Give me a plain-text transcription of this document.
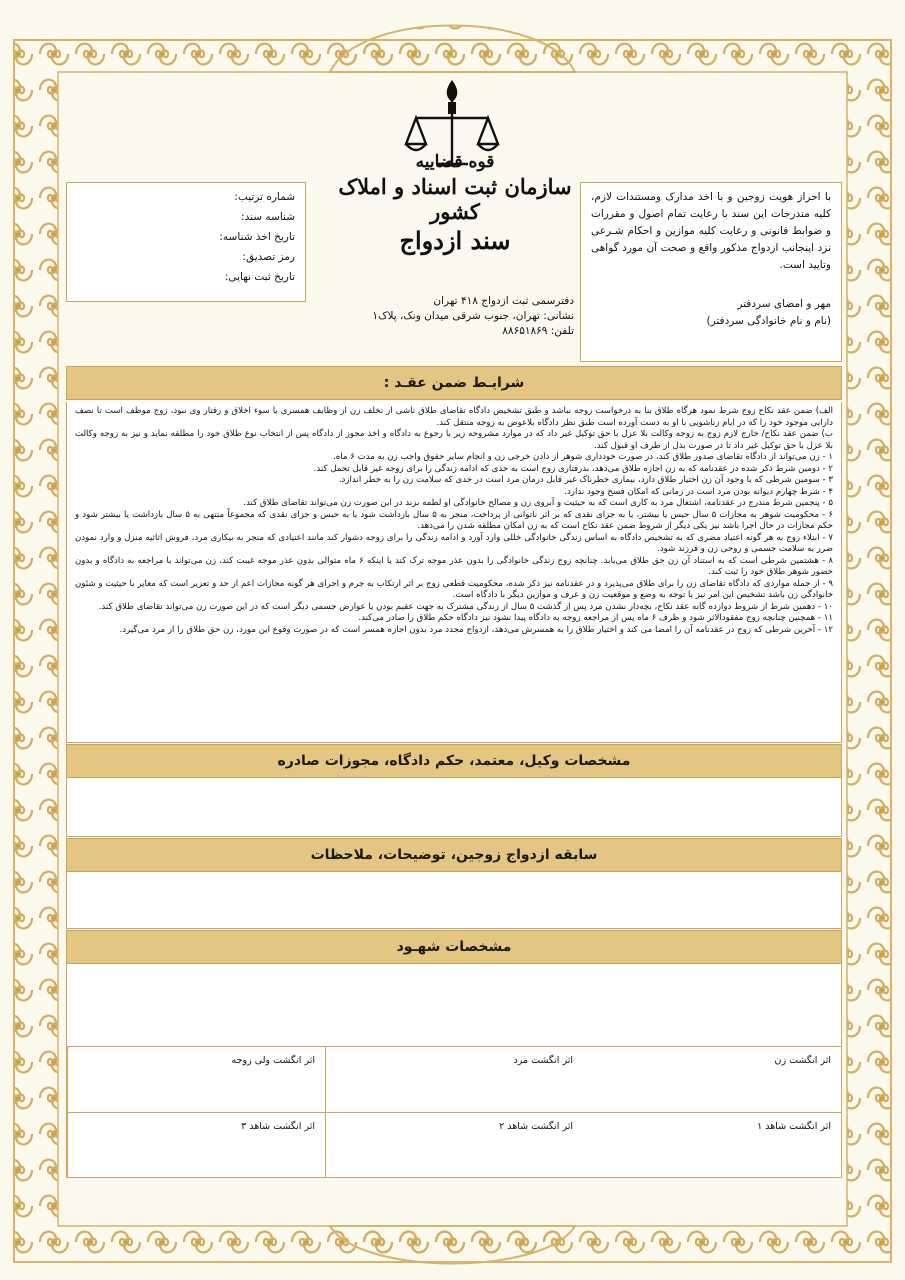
قوه قضاییه
سازمان ثبت اسناد و املاک کشور
سند ازدواج
شماره ترتیب:
شناسه سند:
تاریخ اخذ شناسه:
رمز تصدیق:
تاریخ ثبت نهایی:
با احراز هویت زوجین و با اخذ مدارک ومستندات لازم، کلیه مندرجات این سند با رعایت تمام اصول و مقررات و ضوابط قانونی و رعایت کلیه موازین و احکام شـرعی نزد اینجانب ازدواج مذکور واقع و صحت آن مورد گواهی وتایید است.
مهر و امضای سردفتر
(نام و نام خانوادگی سردفتر)
دفترسمی ثبت ازدواج ۴۱۸ تهران
نشانی: تهران، جنوب شرقی میدان ونک، پلاک۱
تلفن: ۸۸۶۵۱۸۶۹
شرایـط ضمن عقـد :
الف) ضمن عقد نکاح زوج شرط نمود هرگاه طلاق بنا به درخواست زوجه نباشد و طبق تشخیص دادگاه تقاضای طلاق ناشی از تخلف زن از وظایف همسری یا سوء اخلاق و رفتار وی نبود، زوج موظف است تا نصف دارایی موجود خود را که در ایام زناشویی با او به دست آورده است طبق نظر دادگاه بلاعوض به زوجه منتقل کند.
ب) ضمن عقد نکاح/ خارج لازم زوج به زوجه وکالت بلا عزل با حق توکیل غیر داد که در موارد مشروحه زیر با رجوع به دادگاه و اخذ مجوز از دادگاه پس از انتخاب نوع طلاق خود را مطلقه نماید و نیز به زوجه وکالت بلا عزل با حق توکیل غیر داد تا در صورت بذل از طرف او قبول کند.
۱ - زن می‌تواند از دادگاه تقاضای صدور طلاق کند، در صورت خودداری شوهر از دادن خرجی زن و انجام سایر حقوق واجب زن به مدت ۶ ماه.
۲ - دومین شرط ذکر شده در عقدنامه که به زن اجازه طلاق می‌دهد، بدرفتاری زوج است به حدی که ادامه زندگی را برای زوجه غیر قابل تحمل کند.
۳ - سومین شرطی که با وجود آن زن اختیار طلاق دارد، بیماری خطرناک غیر قابل درمان مرد است در حدی که سلامت زن را به خطر اندازد.
۴ - شرط چهارم دیوانه بودن مرد است در زمانی که امکان فسخ وجود ندارد.
۵ - پنجمین شرط مندرج در عقدنامه، اشتغال مرد به کاری است که به حیثیت و آبروی زن و مصالح خانوادگی او لطمه بزند در این صورت زن می‌تواند تقاضای طلاق کند.
۶ - محکومیت شوهر به مجازات ۵ سال حبس یا بیشتر، یا به جزای نقدی که بر اثر ناتوانی از پرداخت، منجر به ۵ سال بازداشت شود یا به حبس و جزای نقدی که مجموعاً منتهی به ۵ سال بازداشت یا بیشتر شود و حکم مجازات در حال اجرا باشد نیز یکی دیگر از شروط ضمن عقد نکاح است که به زن امکان مطلقه شدن را می‌دهد.
۷ - ابتلاء زوج به هر گونه اعتیاد مضری که به تشخیص دادگاه به اساس زندگی خانوادگی خللی وارد آورد و ادامه زندگی را برای زوجه دشوار کند مانند اعتیادی که منجر به بیکاری مرد، فروش اثاثیه منزل و وارد نمودن ضرر به سلامت جسمی و روحی زن و فرزند شود.
۸ - هشتمین شرطی است که به استناد آن زن حق طلاق می‌یابد. چنانچه زوج زندگی خانوادگی را بدون عذر موجه ترک کند یا اینکه ۶ ماه متوالی بدون عذر موجه غیبت کند، زن می‌تواند با مراجعه به دادگاه و بدون حضور شوهر طلاق خود را ثبت کند.
۹ - از جمله مواردی که دادگاه تقاضای زن را برای طلاق می‌پذیرد و در عقدنامه نیز ذکر شده، محکومیت قطعی زوج بر اثر ارتکاب به جرم و اجرای هر گونه مجازات اعم از حد و تعزیر است که مغایر با حیثیت و شئون خانوادگی زن باشد تشخیص این امر نیز با توجه به وضع و موقعیت زن و عرف و موازین دیگر با دادگاه است.
۱۰ - دهمین شرط از شروط دوازده گانه عقد نکاح، بچه‌دار نشدن مرد پس از گذشت ۵ سال از زندگی مشترک به جهت عقیم بودن یا عوارض جسمی دیگر است که در این صورت زن می‌تواند تقاضای طلاق کند.
۱۱ - همچنین چنانچه زوج مفقودالاثر شود و ظرف ۶ ماه پس از مراجعه زوجه به دادگاه پیدا نشود نیز دادگاه حکم طلاق را صادر می‌کند.
۱۲ - آخرین شرطی که زوج در عقدنامه آن را امضا می کند و اختیار طلاق را به همسرش می‌دهد، ازدواج مجدد مرد بدون اجازه همسر است که در صورت وقوع این مورد، زن حق طلاق را از مرد می‌گیرد.
مشخصات وکیل، معتمد، حکم دادگاه، مجوزات صادره
سابقه ازدواج زوجین، توضیحات، ملاحظات
مشخصات شهـود
اثر انگشت زن
اثر انگشت مرد
اثر انگشت ولی زوجه
اثر انگشت شاهد ۱
اثر انگشت شاهد ۲
اثر انگشت شاهد ۳
